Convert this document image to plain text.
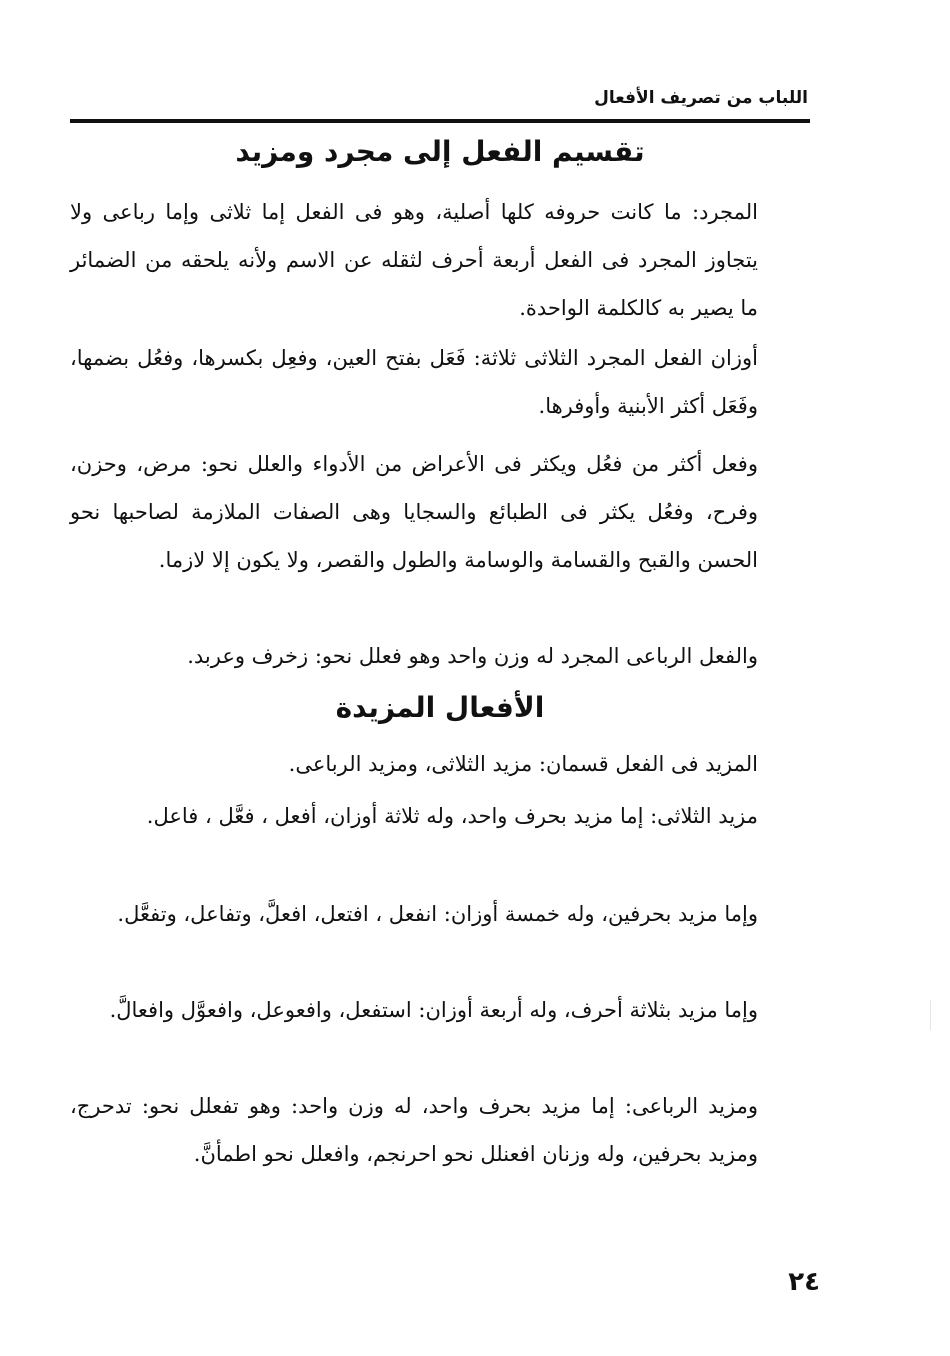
اللباب من تصريف الأفعال
تقسيم الفعل إلى مجرد ومزيد

المجرد: ما كانت حروفه كلها أصلية، وهو فى الفعل إما ثلاثى وإما رباعى ولا يتجاوز المجرد فى الفعل أربعة أحرف لثقله عن الاسم ولأنه يلحقه من الضمائر ما يصير به كالكلمة الواحدة.

أوزان الفعل المجرد الثلاثى ثلاثة: فَعَل بفتح العين، وفعِل بكسرها، وفعُل بضمها، وفَعَل أكثر الأبنية وأوفرها.

وفعل أكثر من فعُل ويكثر فى الأعراض من الأدواء والعلل نحو: مرض، وحزن، وفرح، وفعُل يكثر فى الطبائع والسجايا وهى الصفات الملازمة لصاحبها نحو الحسن والقبح والقسامة والوسامة والطول والقصر، ولا يكون إلا لازما.

والفعل الرباعى المجرد له وزن واحد وهو فعلل نحو: زخرف وعربد.

الأفعال المزيدة

المزيد فى الفعل قسمان: مزيد الثلاثى، ومزيد الرباعى.

مزيد الثلاثى: إما مزيد بحرف واحد، وله ثلاثة أوزان، أفعل ، فعَّل ، فاعل.

وإما مزيد بحرفين، وله خمسة أوزان: انفعل ، افتعل، افعلَّ، وتفاعل، وتفعَّل.

وإما مزيد بثلاثة أحرف، وله أربعة أوزان: استفعل، وافعوعل، وافعوَّل وافعالَّ.

ومزيد الرباعى: إما مزيد بحرف واحد، له وزن واحد: وهو تفعلل نحو: تدحرج، ومزيد بحرفين، وله وزنان افعنلل نحو احرنجم، وافعلل نحو اطمأنَّ.

٢٤
